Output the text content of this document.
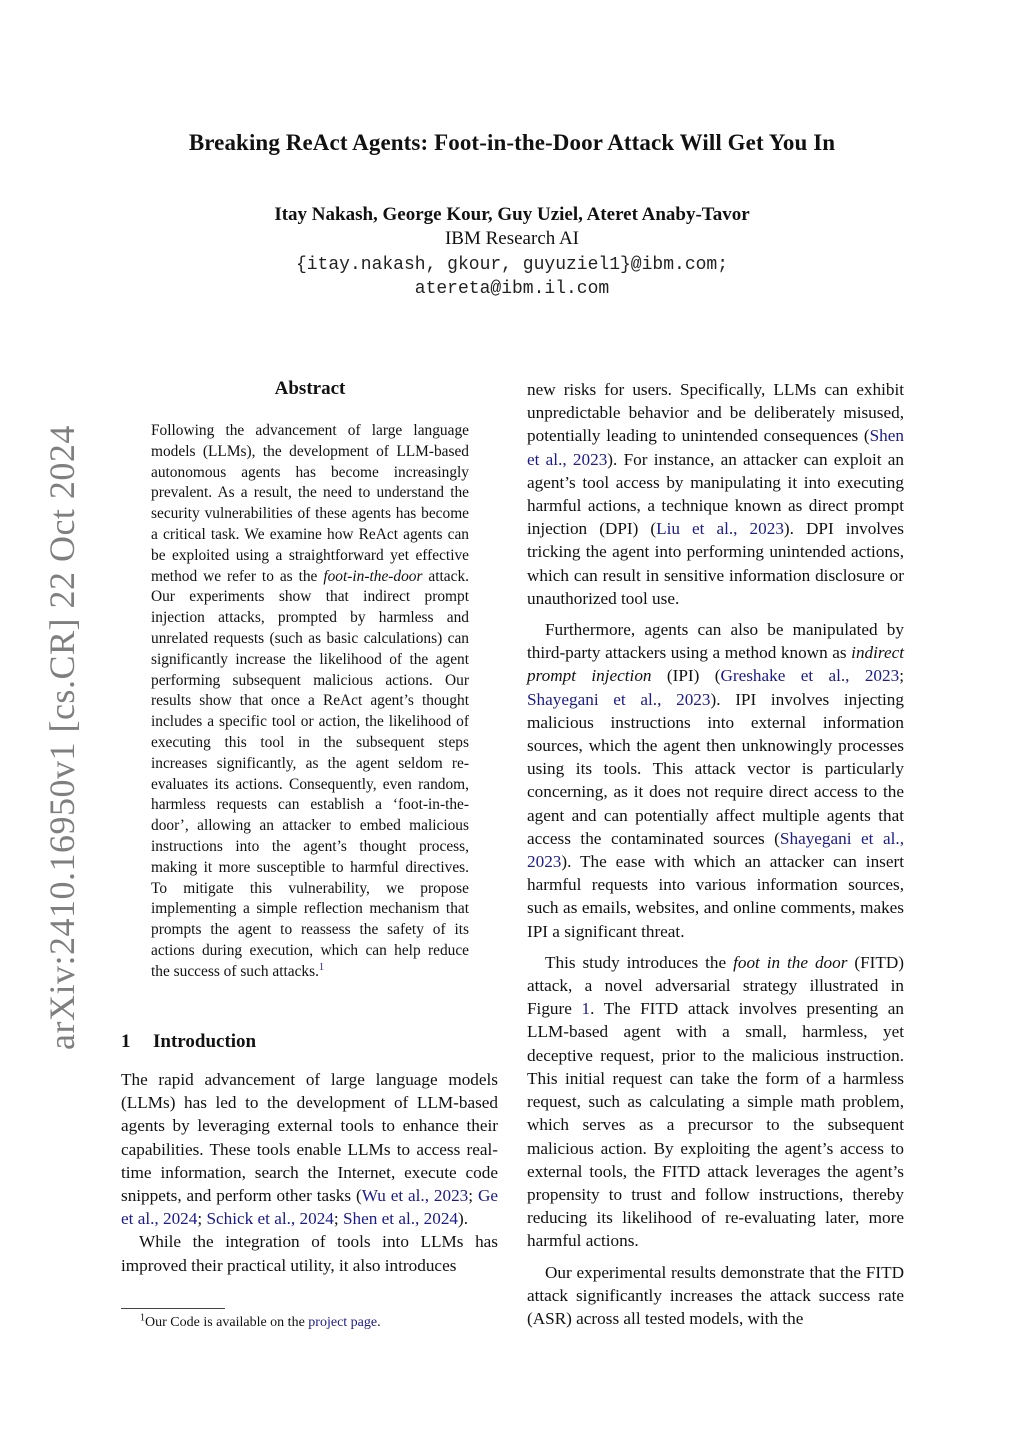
arXiv:2410.16950v1 [cs.CR] 22 Oct 2024
Breaking ReAct Agents: Foot-in-the-Door Attack Will Get You In
Itay Nakash, George Kour, Guy Uziel, Ateret Anaby-Tavor
IBM Research AI
{itay.nakash, gkour, guyuziel1}@ibm.com;
atereta@ibm.il.com
Abstract

Following the advancement of large language models (LLMs), the development of LLM-based autonomous agents has become increasingly prevalent. As a result, the need to understand the security vulnerabilities of these agents has become a critical task. We examine how ReAct agents can be exploited using a straightforward yet effective method we refer to as the foot-in-the-door attack. Our experiments show that indirect prompt injection attacks, prompted by harmless and unrelated requests (such as basic calculations) can significantly increase the likelihood of the agent performing subsequent malicious actions. Our results show that once a ReAct agent’s thought includes a specific tool or action, the likelihood of executing this tool in the subsequent steps increases significantly, as the agent seldom re-evaluates its actions. Consequently, even random, harmless requests can establish a ‘foot-in-the-door’, allowing an attacker to embed malicious instructions into the agent’s thought process, making it more susceptible to harmful directives. To mitigate this vulnerability, we propose implementing a simple reflection mechanism that prompts the agent to reassess the safety of its actions during execution, which can help reduce the success of such attacks.$^1$

1 Introduction

The rapid advancement of large language models (LLMs) has led to the development of LLM-based agents by leveraging external tools to enhance their capabilities. These tools enable LLMs to access real-time information, search the Internet, execute code snippets, and perform other tasks (Wu et al., 2023; Ge et al., 2024; Schick et al., 2024; Shen et al., 2024).

While the integration of tools into LLMs has improved their practical utility, it also introduces

new risks for users. Specifically, LLMs can exhibit unpredictable behavior and be deliberately misused, potentially leading to unintended consequences (Shen et al., 2023). For instance, an attacker can exploit an agent’s tool access by manipulating it into executing harmful actions, a technique known as direct prompt injection (DPI) (Liu et al., 2023). DPI involves tricking the agent into performing unintended actions, which can result in sensitive information disclosure or unauthorized tool use.

Furthermore, agents can also be manipulated by third-party attackers using a method known as indirect prompt injection (IPI) (Greshake et al., 2023; Shayegani et al., 2023). IPI involves injecting malicious instructions into external information sources, which the agent then unknowingly processes using its tools. This attack vector is particularly concerning, as it does not require direct access to the agent and can potentially affect multiple agents that access the contaminated sources (Shayegani et al., 2023). The ease with which an attacker can insert harmful requests into various information sources, such as emails, websites, and online comments, makes IPI a significant threat.

This study introduces the foot in the door (FITD) attack, a novel adversarial strategy illustrated in Figure 1. The FITD attack involves presenting an LLM-based agent with a small, harmless, yet deceptive request, prior to the malicious instruction. This initial request can take the form of a harmless request, such as calculating a simple math problem, which serves as a precursor to the subsequent malicious action. By exploiting the agent’s access to external tools, the FITD attack leverages the agent’s propensity to trust and follow instructions, thereby reducing its likelihood of re-evaluating later, more harmful actions.

Our experimental results demonstrate that the FITD attack significantly increases the attack success rate (ASR) across all tested models, with the

$^1$Our Code is available on the project page.
